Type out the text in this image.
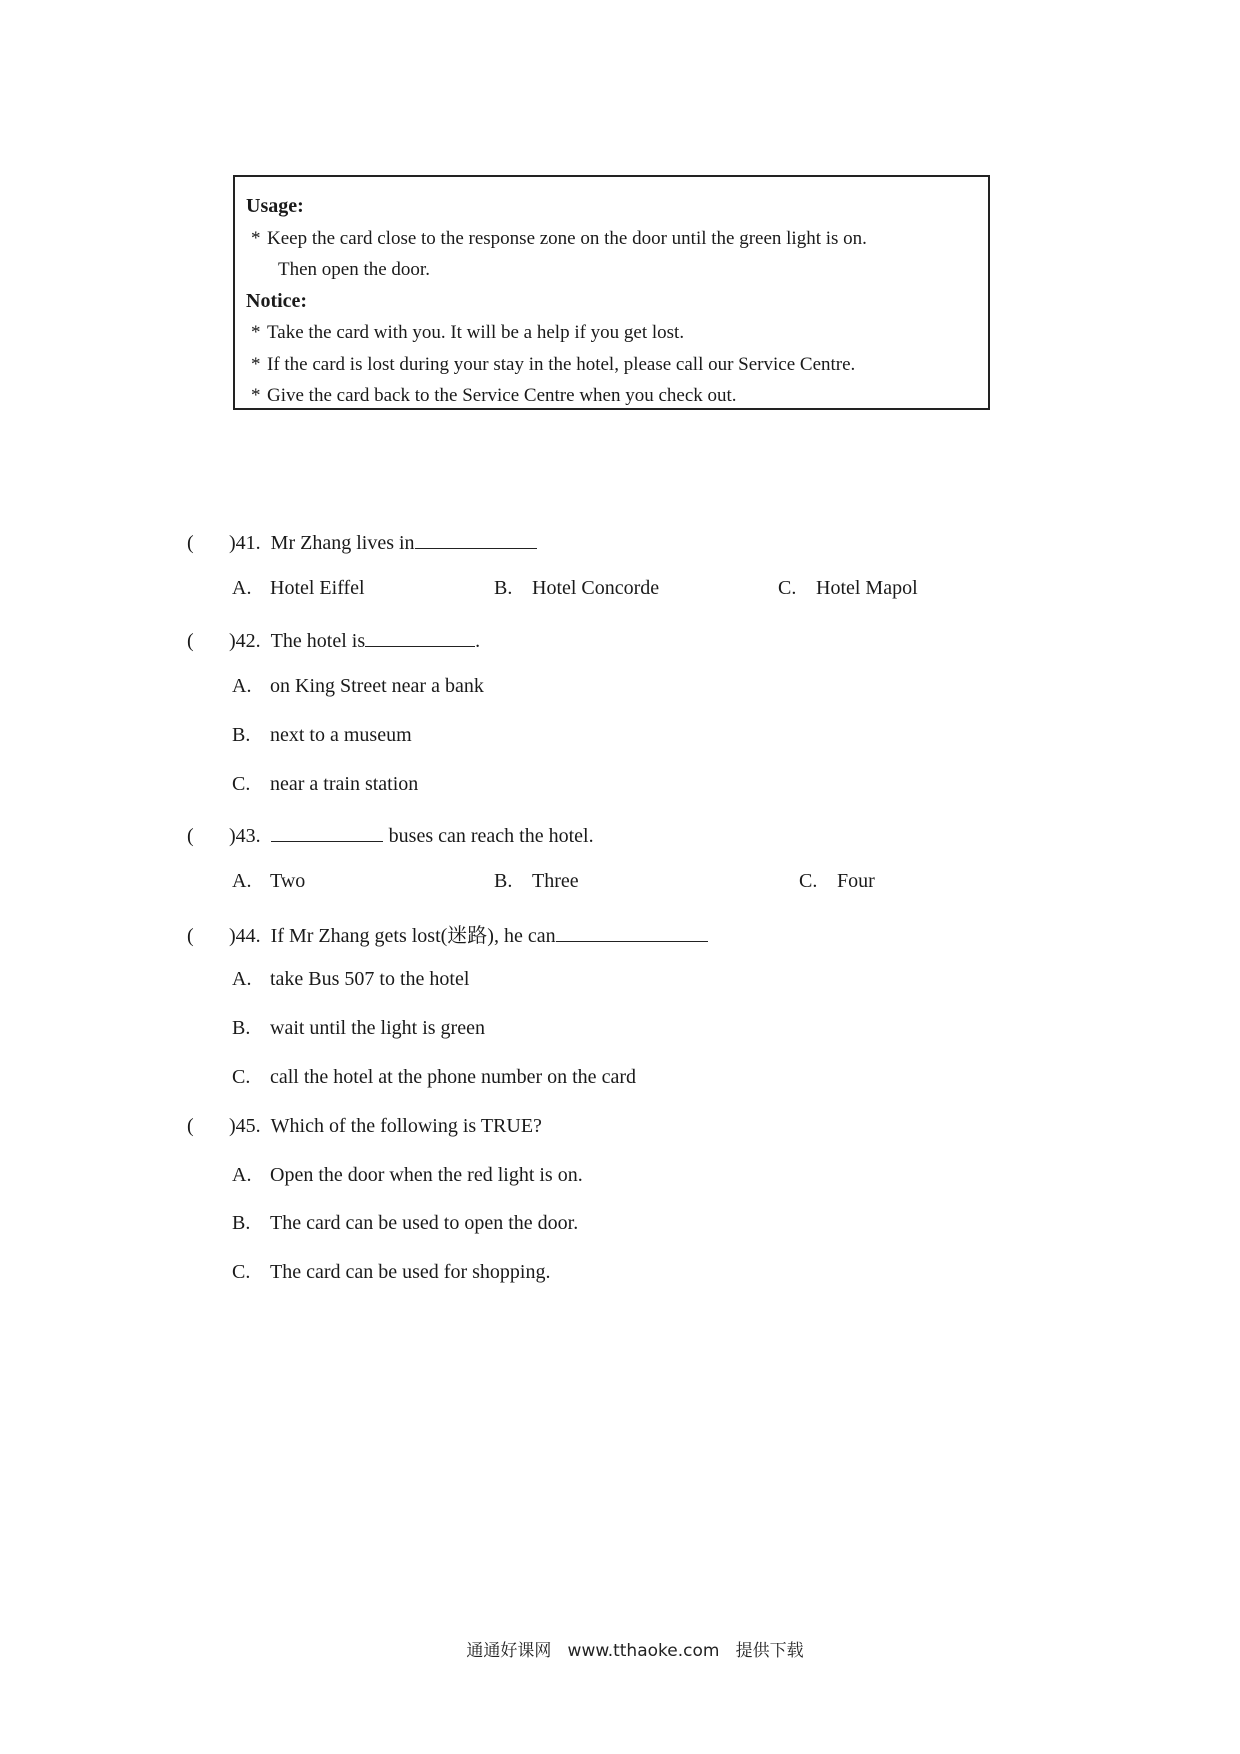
Usage:
* Keep the card close to the response zone on the door until the green light is on.
Then open the door.
Notice:
* Take the card with you. It will be a help if you get lost.
* If the card is lost during your stay in the hotel, please call our Service Centre.
* Give the card back to the Service Centre when you check out.
( )41. Mr Zhang lives in
A. Hotel Eiffel	B. Hotel Concorde	C. Hotel Mapol
( )42. The hotel is	.
A. on King Street near a bank
B. next to a museum
C. near a train station
( )43.	buses can reach the hotel.
A. Two	B. Three	C. Four
( )44. If Mr Zhang gets lost(迷路), he can
A. take Bus 507 to the hotel
B. wait until the light is green
C. call the hotel at the phone number on the card
( )45. Which of the following is TRUE?
A. Open the door when the red light is on.
B. The card can be used to open the door.
C. The card can be used for shopping.
通通好课网 www.tthaoke.com 提供下载
